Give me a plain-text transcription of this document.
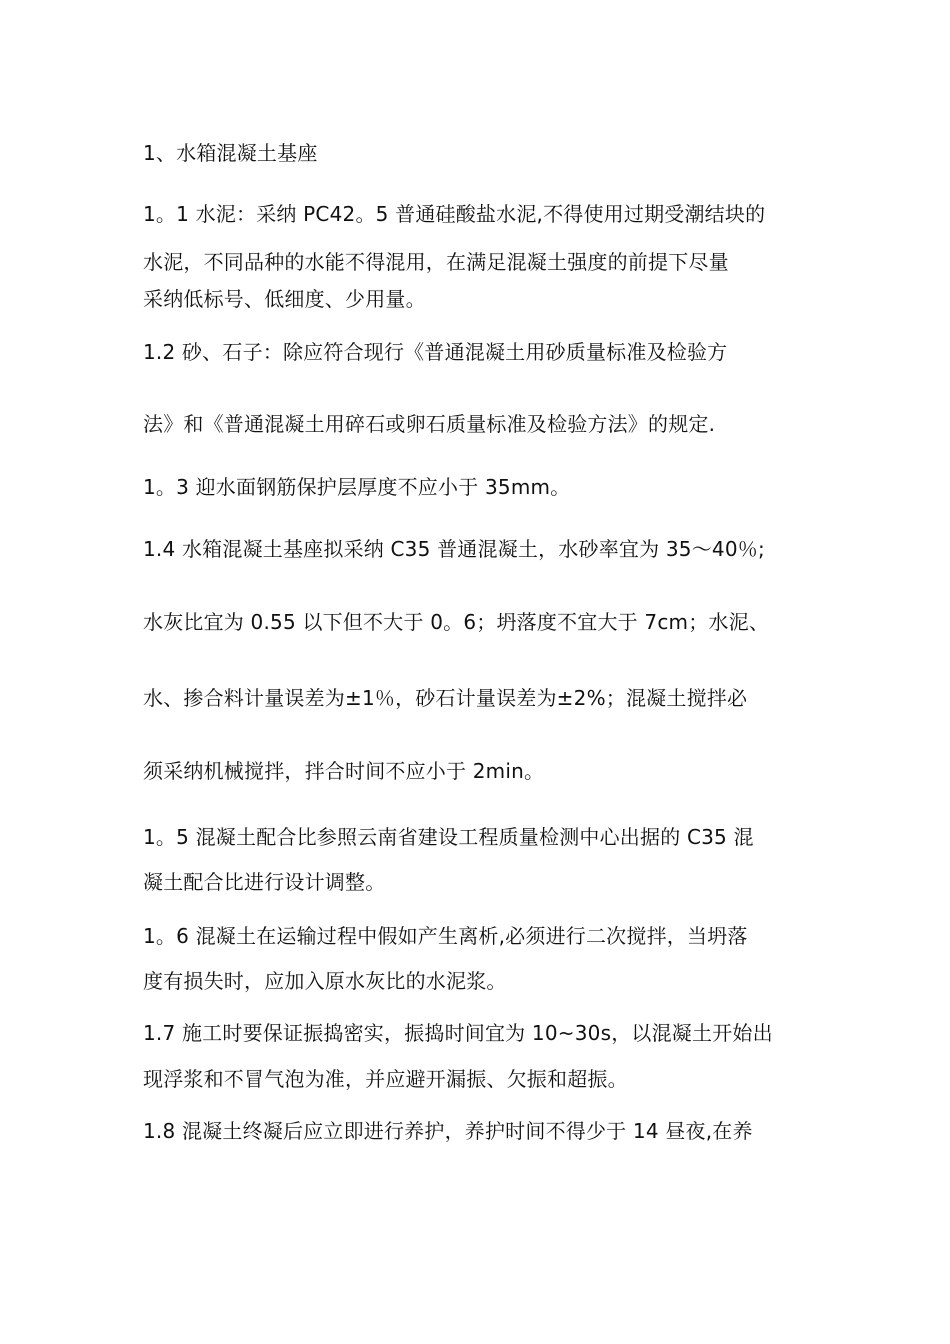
1、水箱混凝土基座
1。1 水泥：采纳 PC42。5 普通硅酸盐水泥,不得使用过期受潮结块的
水泥，不同品种的水能不得混用，在满足混凝土强度的前提下尽量
采纳低标号、低细度、少用量。
1.2 砂、石子：除应符合现行《普通混凝土用砂质量标准及检验方
法》和《普通混凝土用碎石或卵石质量标准及检验方法》的规定.
1。3 迎水面钢筋保护层厚度不应小于 35mm。
1.4 水箱混凝土基座拟采纳 C35 普通混凝土，水砂率宜为 35～40％;
水灰比宜为 0.55 以下但不大于 0。6；坍落度不宜大于 7cm；水泥、
水、掺合料计量误差为±1％，砂石计量误差为±2%；混凝土搅拌必
须采纳机械搅拌，拌合时间不应小于 2min。
1。5 混凝土配合比参照云南省建设工程质量检测中心出据的 C35 混
凝土配合比进行设计调整。
1。6 混凝土在运输过程中假如产生离析,必须进行二次搅拌，当坍落
度有损失时，应加入原水灰比的水泥浆。
1.7 施工时要保证振捣密实，振捣时间宜为 10~30s，以混凝土开始出
现浮浆和不冒气泡为准，并应避开漏振、欠振和超振。
1.8 混凝土终凝后应立即进行养护，养护时间不得少于 14 昼夜,在养
